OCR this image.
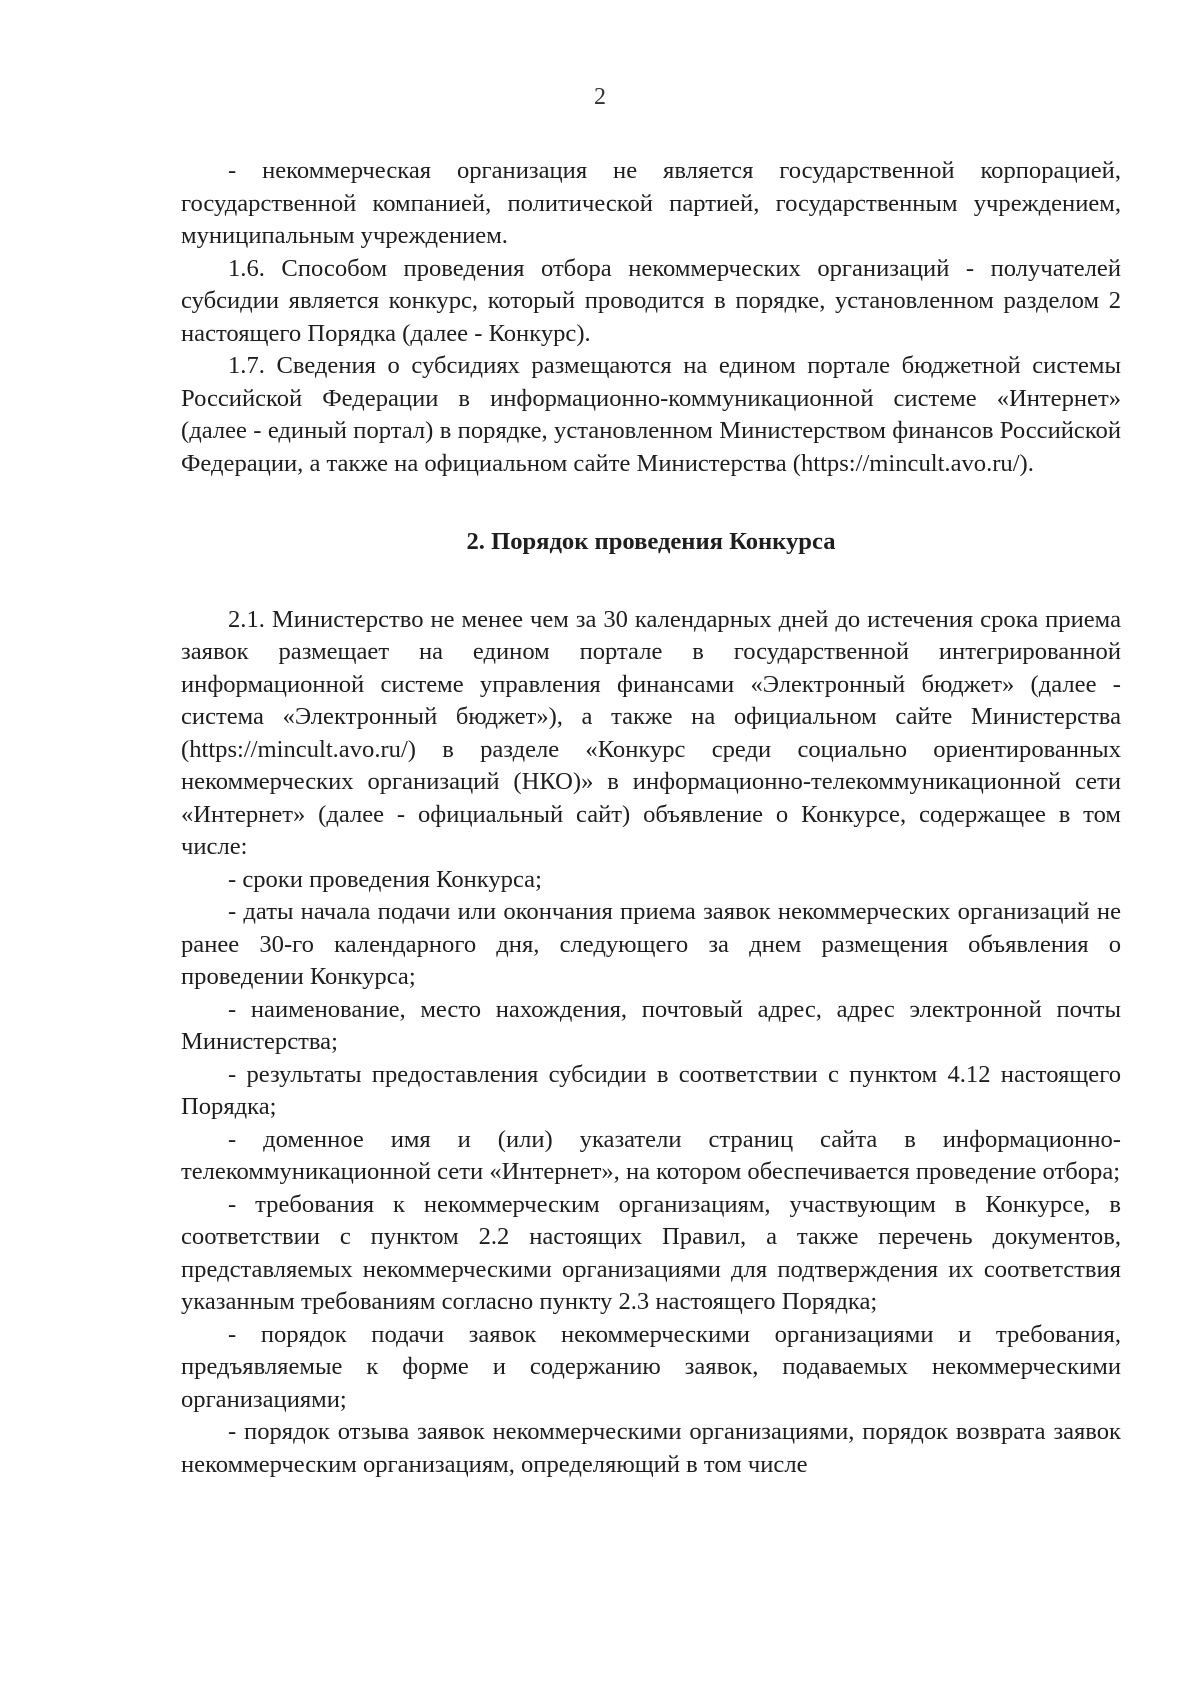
2

- некоммерческая организация не является государственной корпорацией, государственной компанией, политической партией, государственным учреждением, муниципальным учреждением.

1.6. Способом проведения отбора некоммерческих организаций - получателей субсидии является конкурс, который проводится в порядке, установленном разделом 2 настоящего Порядка (далее - Конкурс).

1.7. Сведения о субсидиях размещаются на едином портале бюджетной системы Российской Федерации в информационно-коммуникационной системе «Интернет» (далее - единый портал) в порядке, установленном Министерством финансов Российской Федерации, а также на официальном сайте Министерства (https://mincult.avo.ru/).

2. Порядок проведения Конкурса

2.1. Министерство не менее чем за 30 календарных дней до истечения срока приема заявок размещает на едином портале в государственной интегрированной информационной системе управления финансами «Электронный бюджет» (далее - система «Электронный бюджет»), а также на официальном сайте Министерства (https://mincult.avo.ru/) в разделе «Конкурс среди социально ориентированных некоммерческих организаций (НКО)» в информационно-телекоммуникационной сети «Интернет» (далее - официальный сайт) объявление о Конкурсе, содержащее в том числе:

- сроки проведения Конкурса;

- даты начала подачи или окончания приема заявок некоммерческих организаций не ранее 30-го календарного дня, следующего за днем размещения объявления о проведении Конкурса;

- наименование, место нахождения, почтовый адрес, адрес электронной почты Министерства;

- результаты предоставления субсидии в соответствии с пунктом 4.12 настоящего Порядка;

- доменное имя и (или) указатели страниц сайта в информационно-телекоммуникационной сети «Интернет», на котором обеспечивается проведение отбора;

- требования к некоммерческим организациям, участвующим в Конкурсе, в соответствии с пунктом 2.2 настоящих Правил, а также перечень документов, представляемых некоммерческими организациями для подтверждения их соответствия указанным требованиям согласно пункту 2.3 настоящего Порядка;

- порядок подачи заявок некоммерческими организациями и требования, предъявляемые к форме и содержанию заявок, подаваемых некоммерческими организациями;

- порядок отзыва заявок некоммерческими организациями, порядок возврата заявок некоммерческим организациям, определяющий в том числе
